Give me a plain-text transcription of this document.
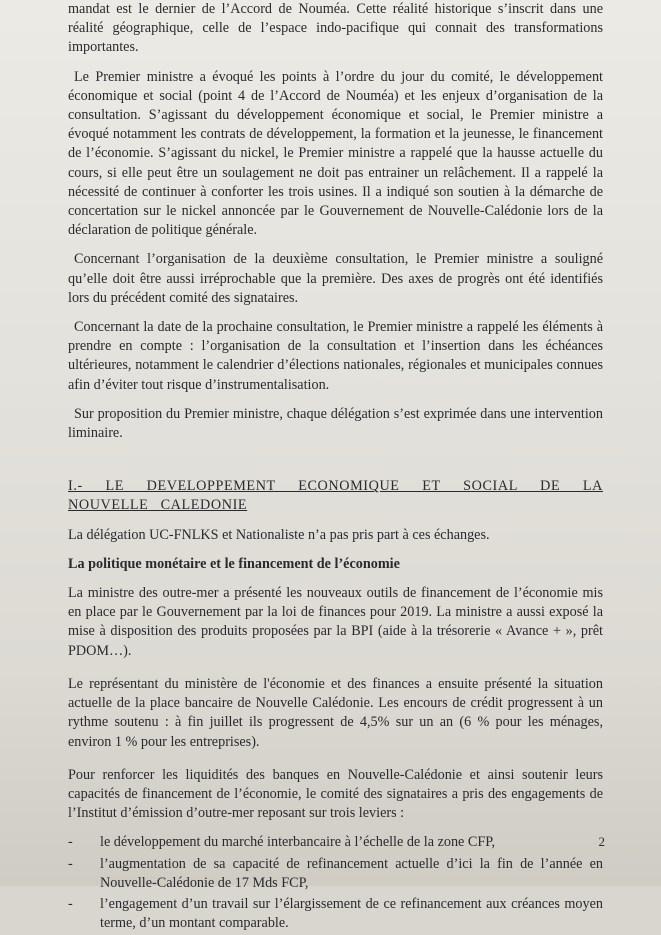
mandat est le dernier de l’Accord de Nouméa. Cette réalité historique s’inscrit dans une réalité géographique, celle de l’espace indo-pacifique qui connait des transformations importantes.

Le Premier ministre a évoqué les points à l’ordre du jour du comité, le développement économique et social (point 4 de l’Accord de Nouméa) et les enjeux d’organisation de la consultation. S’agissant du développement économique et social, le Premier ministre a évoqué notamment les contrats de développement, la formation et la jeunesse, le financement de l’économie. S’agissant du nickel, le Premier ministre a rappelé que la hausse actuelle du cours, si elle peut être un soulagement ne doit pas entrainer un relâchement. Il a rappelé la nécessité de continuer à conforter les trois usines. Il a indiqué son soutien à la démarche de concertation sur le nickel annoncée par le Gouvernement de Nouvelle-Calédonie lors de la déclaration de politique générale.

Concernant l’organisation de la deuxième consultation, le Premier ministre a souligné qu’elle doit être aussi irréprochable que la première. Des axes de progrès ont été identifiés lors du précédent comité des signataires.

Concernant la date de la prochaine consultation, le Premier ministre a rappelé les éléments à prendre en compte : l’organisation de la consultation et l’insertion dans les échéances ultérieures, notamment le calendrier d’élections nationales, régionales et municipales connues afin d’éviter tout risque d’instrumentalisation.

Sur proposition du Premier ministre, chaque délégation s’est exprimée dans une intervention liminaire.

I.- LE DEVELOPPEMENT ECONOMIQUE ET SOCIAL DE LA NOUVELLE CALEDONIE

La délégation UC-FNLKS et Nationaliste n’a pas pris part à ces échanges.

La politique monétaire et le financement de l’économie

La ministre des outre-mer a présenté les nouveaux outils de financement de l’économie mis en place par le Gouvernement par la loi de finances pour 2019. La ministre a aussi exposé la mise à disposition des produits proposées par la BPI (aide à la trésorerie « Avance + », prêt PDOM…).

Le représentant du ministère de l'économie et des finances a ensuite présenté la situation actuelle de la place bancaire de Nouvelle Calédonie. Les encours de crédit progressent à un rythme soutenu : à fin juillet ils progressent de 4,5% sur un an (6 % pour les ménages, environ 1 % pour les entreprises).

Pour renforcer les liquidités des banques en Nouvelle-Calédonie et ainsi soutenir leurs capacités de financement de l’économie, le comité des signataires a pris des engagements de l’Institut d’émission d’outre-mer reposant sur trois leviers :

- le développement du marché interbancaire à l’échelle de la zone CFP,
- l’augmentation de sa capacité de refinancement actuelle d’ici la fin de l’année en Nouvelle-Calédonie de 17 Mds FCP,
- l’engagement d’un travail sur l’élargissement de ce refinancement aux créances moyen terme, d’un montant comparable.
2
